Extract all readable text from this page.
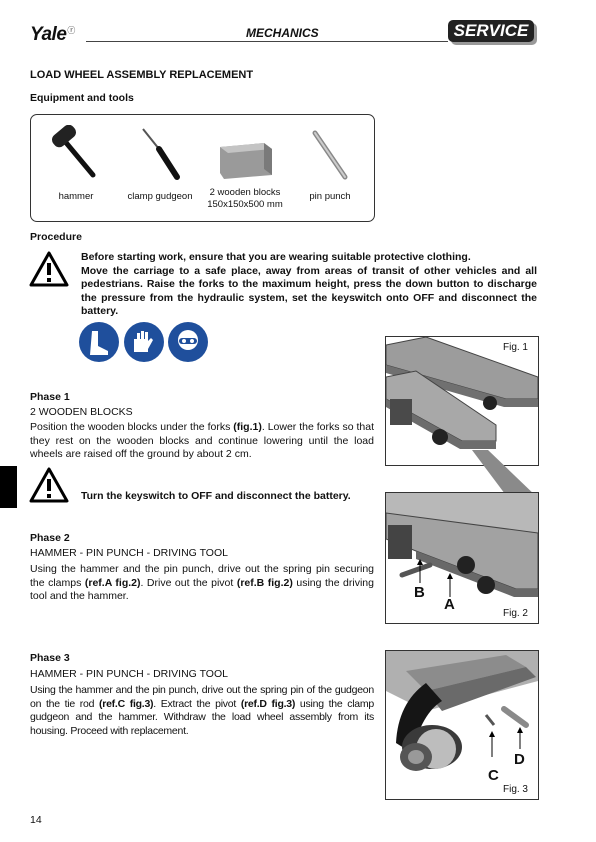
Yaleⓡ	MECHANICS	SERVICE
LOAD WHEEL ASSEMBLY REPLACEMENT
Equipment and tools
hammer	clamp gudgeon	2 wooden blocks
150x150x500 mm
pin punch
Procedure
Before starting work, ensure that you are wearing suitable protective clothing.
Move the carriage to a safe place, away from areas of transit of other vehicles and all pedestrians. Raise the forks to the maximum height, press the down button to discharge the pressure from the hydraulic system, set the keyswitch onto OFF and disconnect the battery.
Phase 1
2 WOODEN BLOCKS
Position the wooden blocks under the forks (fig.1). Lower the forks so that they rest on the wooden blocks and continue lowering until the load wheels are raised off the ground by about 2 cm.
Turn the keyswitch to OFF and disconnect the battery.
Phase 2
HAMMER - PIN PUNCH - DRIVING TOOL
Using the hammer and the pin punch, drive out the spring pin securing the clamps (ref.A fig.2). Drive out the pivot (ref.B fig.2) using the driving tool and the hammer.
Phase 3
HAMMER - PIN PUNCH - DRIVING TOOL
Using the hammer and the pin punch, drive out the spring pin of the gudgeon on the tie rod (ref.C fig.3). Extract the pivot (ref.D fig.3) using the clamp gudgeon and the hammer. Withdraw the load wheel assembly from its housing. Proceed with replacement.
Fig. 1
B
A
Fig. 2
C
D
Fig. 3
14
